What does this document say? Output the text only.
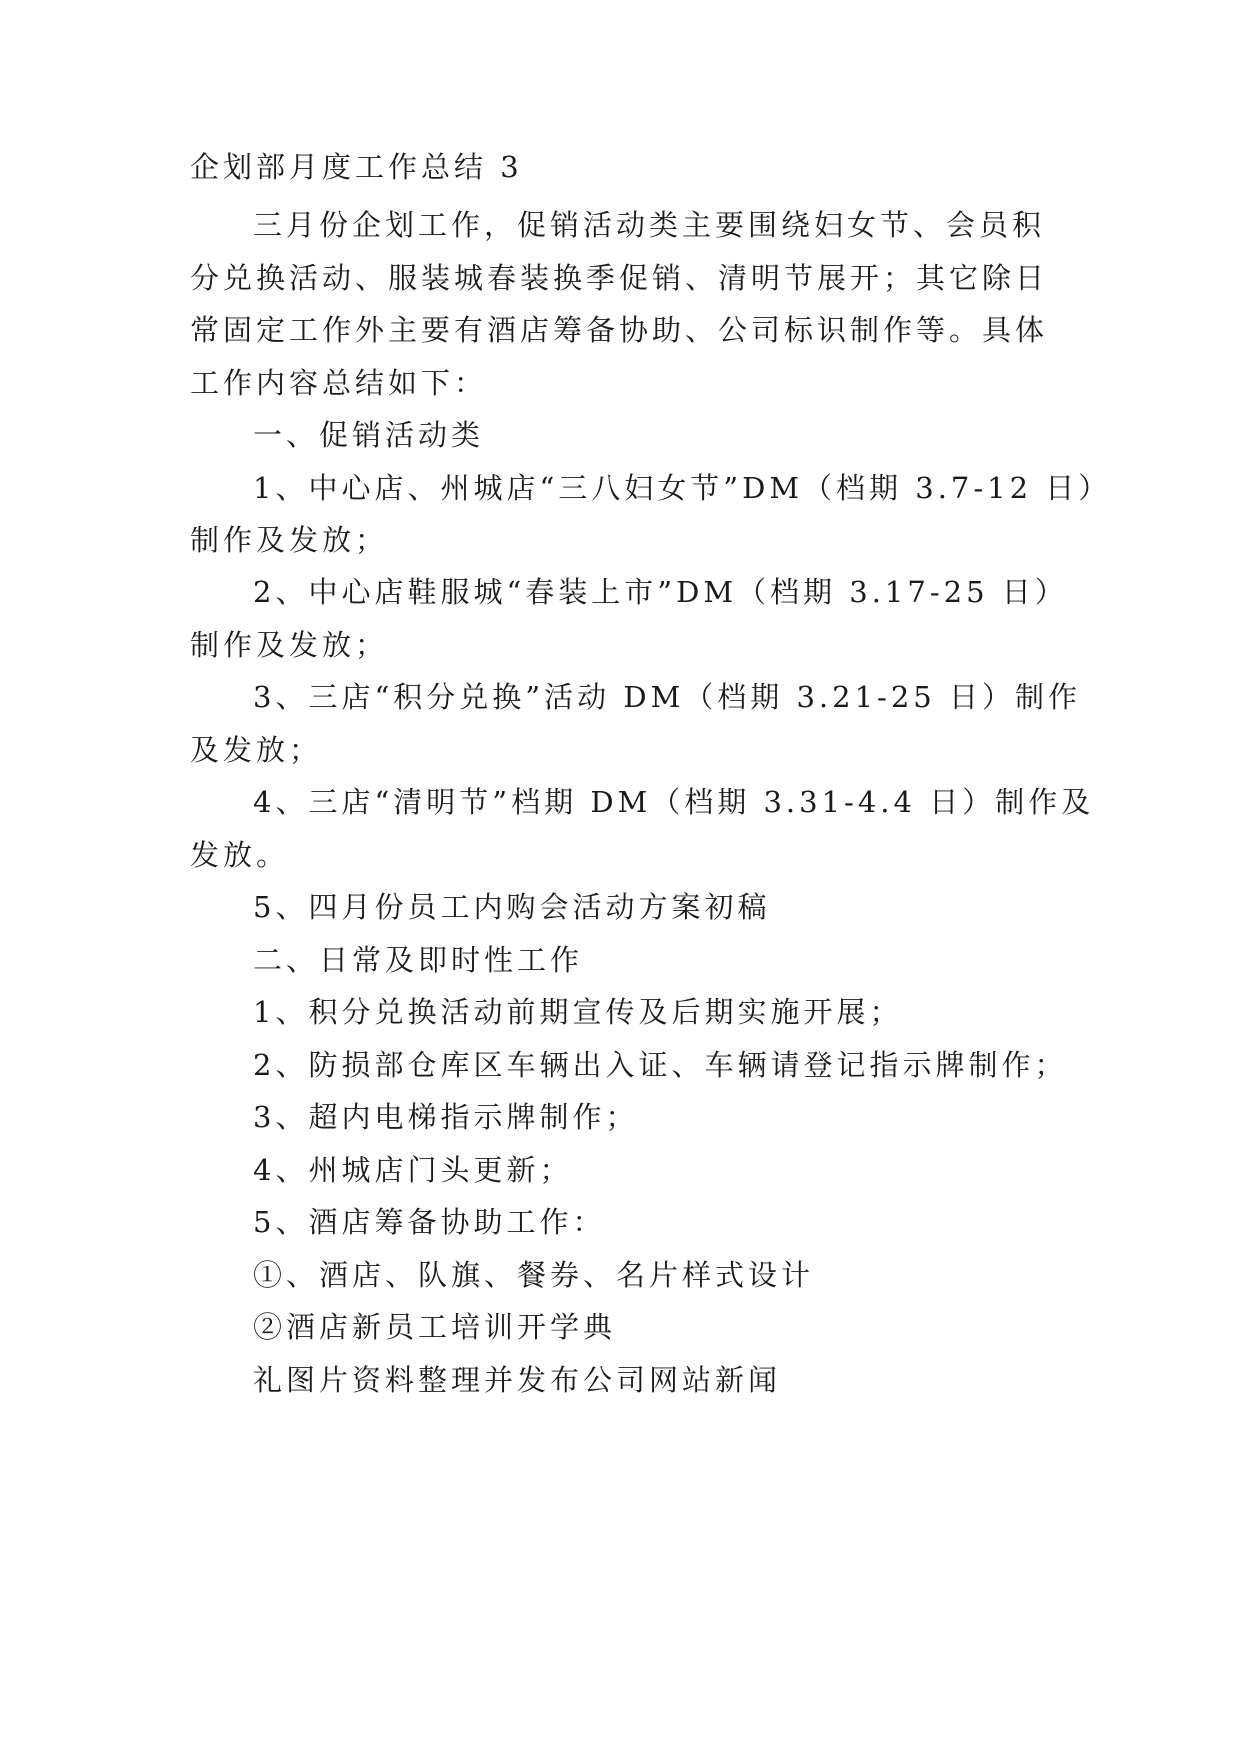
企划部月度工作总结 3
三月份企划工作，促销活动类主要围绕妇女节、会员积
分兑换活动、服装城春装换季促销、清明节展开；其它除日
常固定工作外主要有酒店筹备协助、公司标识制作等。具体
工作内容总结如下：
一、促销活动类
1、中心店、州城店“三八妇女节”DM（档期 3.7-12 日）
制作及发放；
2、中心店鞋服城“春装上市”DM（档期 3.17-25 日）
制作及发放；
3、三店“积分兑换”活动 DM（档期 3.21-25 日）制作
及发放；
4、三店“清明节”档期 DM（档期 3.31-4.4 日）制作及
发放。
5、四月份员工内购会活动方案初稿
二、日常及即时性工作
1、积分兑换活动前期宣传及后期实施开展；
2、防损部仓库区车辆出入证、车辆请登记指示牌制作；
3、超内电梯指示牌制作；
4、州城店门头更新；
5、酒店筹备协助工作：
①、酒店、队旗、餐券、名片样式设计
②酒店新员工培训开学典
礼图片资料整理并发布公司网站新闻
